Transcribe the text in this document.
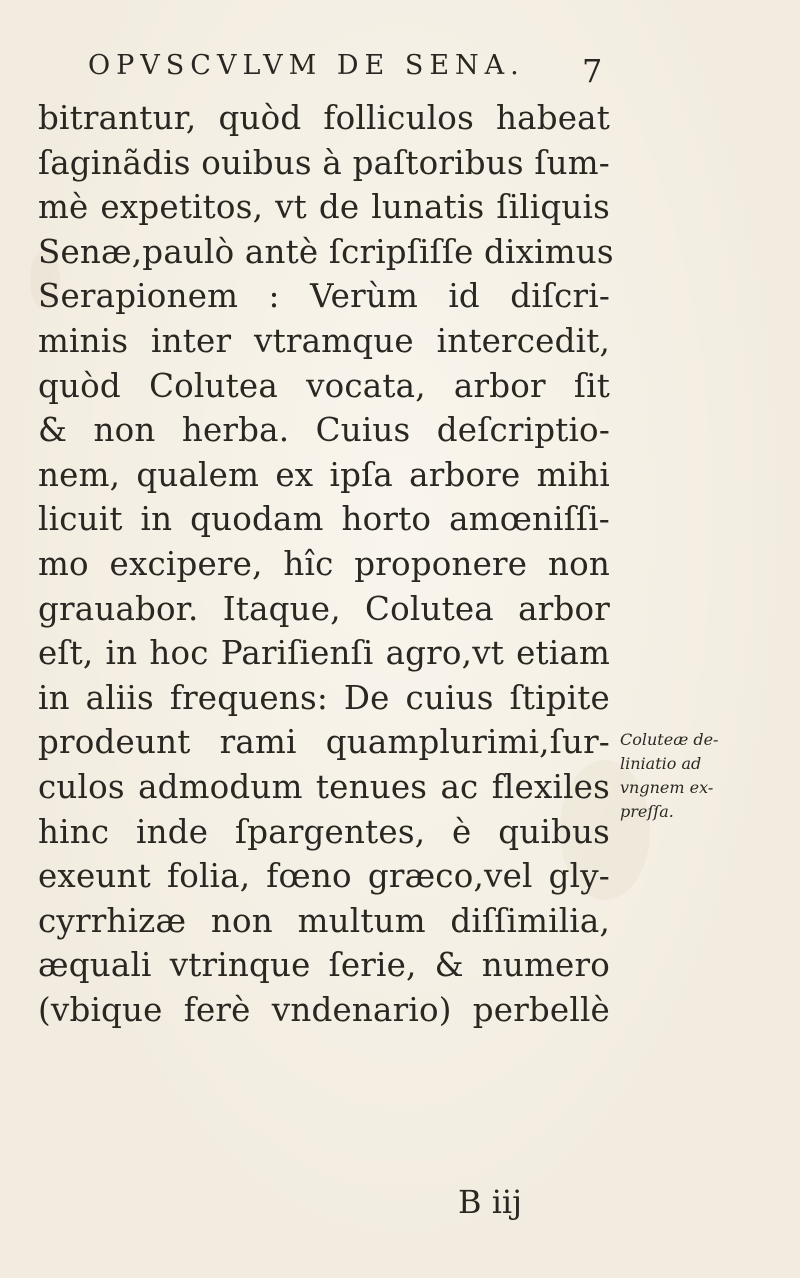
OPVSCVLVM DE SENA.	7
bitrantur, quòd folliculos habeat
ſaginãdis ouibus à paſtoribus ſum-
mè expetitos, vt de lunatis ſiliquis
Senæ,paulò antè ſcripſiſſe diximus
Serapionem : Verùm id diſcri-
minis inter vtramque intercedit,
quòd Colutea vocata, arbor ſit
& non herba. Cuius deſcriptio-
nem, qualem ex ipſa arbore mihi
licuit in quodam horto amœniſſi-
mo excipere, hîc proponere non
grauabor. Itaque, Colutea arbor
eſt, in hoc Pariſienſi agro,vt etiam
in aliis frequens: De cuius ſtipite
prodeunt rami quamplurimi,ſur-
culos admodum tenues ac flexiles
hinc inde ſpargentes, è quibus
exeunt folia, fœno græco,vel gly-
cyrrhizæ non multum diſſimilia,
æquali vtrinque ſerie, & numero
(vbique ferè vndenario) perbellè
Coluteæ de-
liniatio ad
vngnem ex-
preſſa.
B iij
